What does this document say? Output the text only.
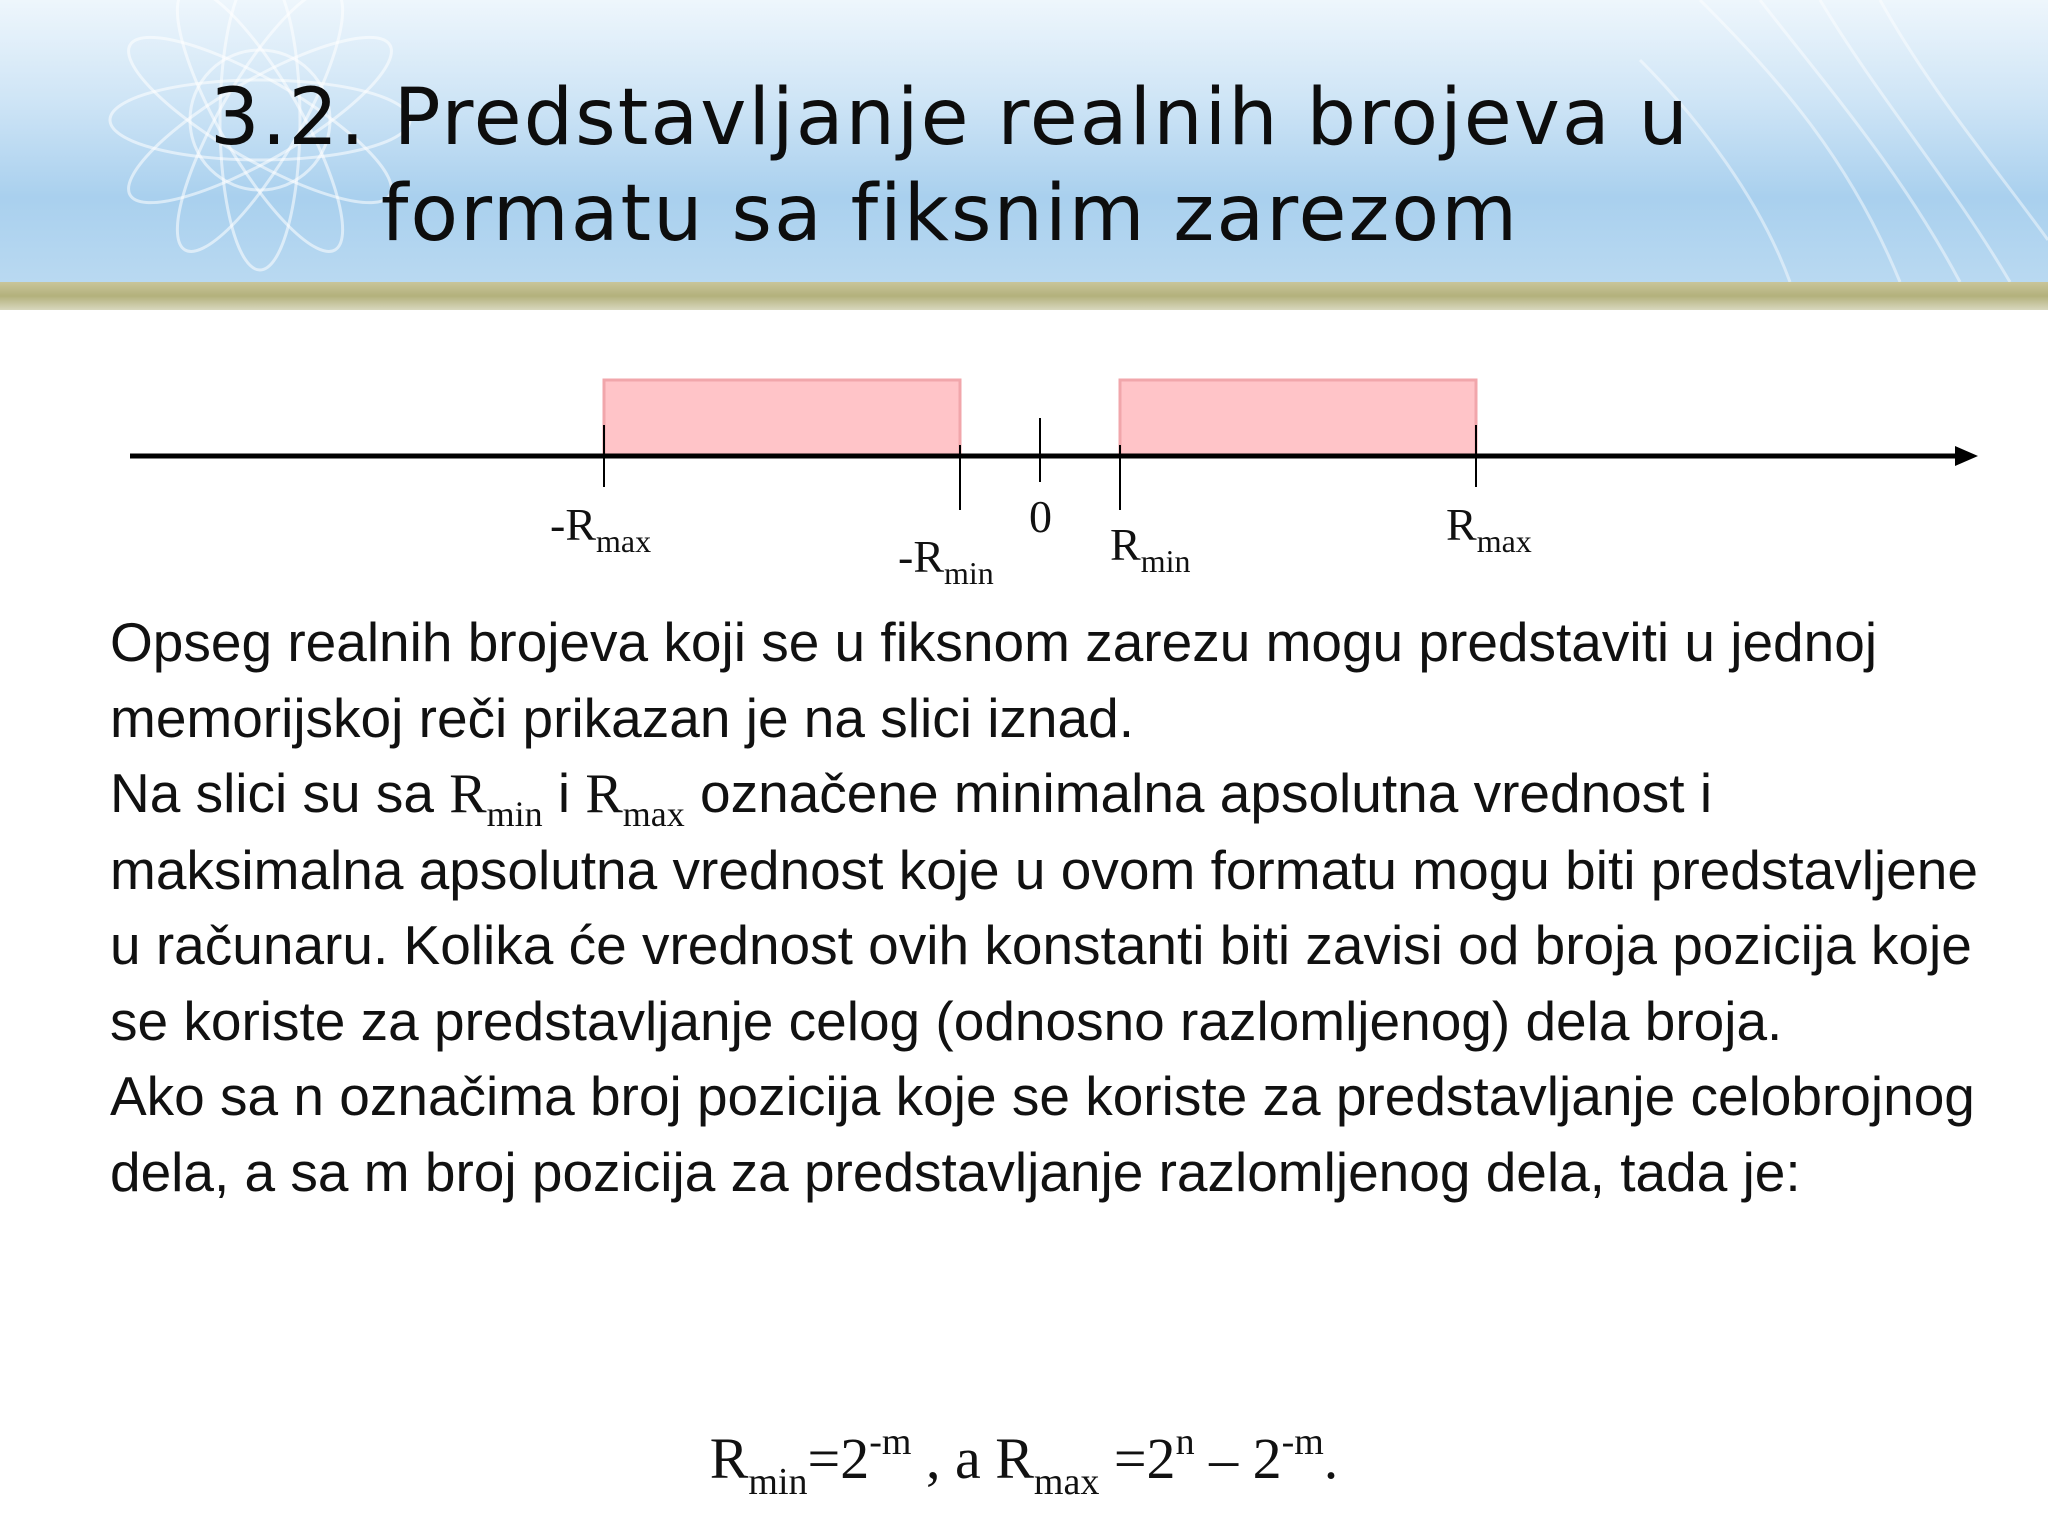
3.2. Predstavljanje realnih brojeva u
formatu sa fiksnim zarezom
$-R_{max}$	$-R_{min}$
0
$R_{min}$
$R_{max}$

Opseg realnih brojeva koji se u fiksnom zarezu mogu predstaviti u jednoj memorijskoj reči prikazan je na slici iznad.

Na slici su sa $R_{min}$ i $R_{max}$ označene minimalna apsolutna vrednost i maksimalna apsolutna vrednost koje u ovom formatu mogu biti predstavljene u računaru. Kolika će vrednost ovih konstanti biti zavisi od broja pozicija koje se koriste za predstavljanje celog (odnosno razlomljenog) dela broja.

Ako sa n označima broj pozicija koje se koriste za predstavljanje celobrojnog dela, a sa m broj pozicija za predstavljanje razlomljenog dela, tada je:

$R_{min}=2^{-m}$ , a $R_{max} =2^n - 2^{-m}$.
